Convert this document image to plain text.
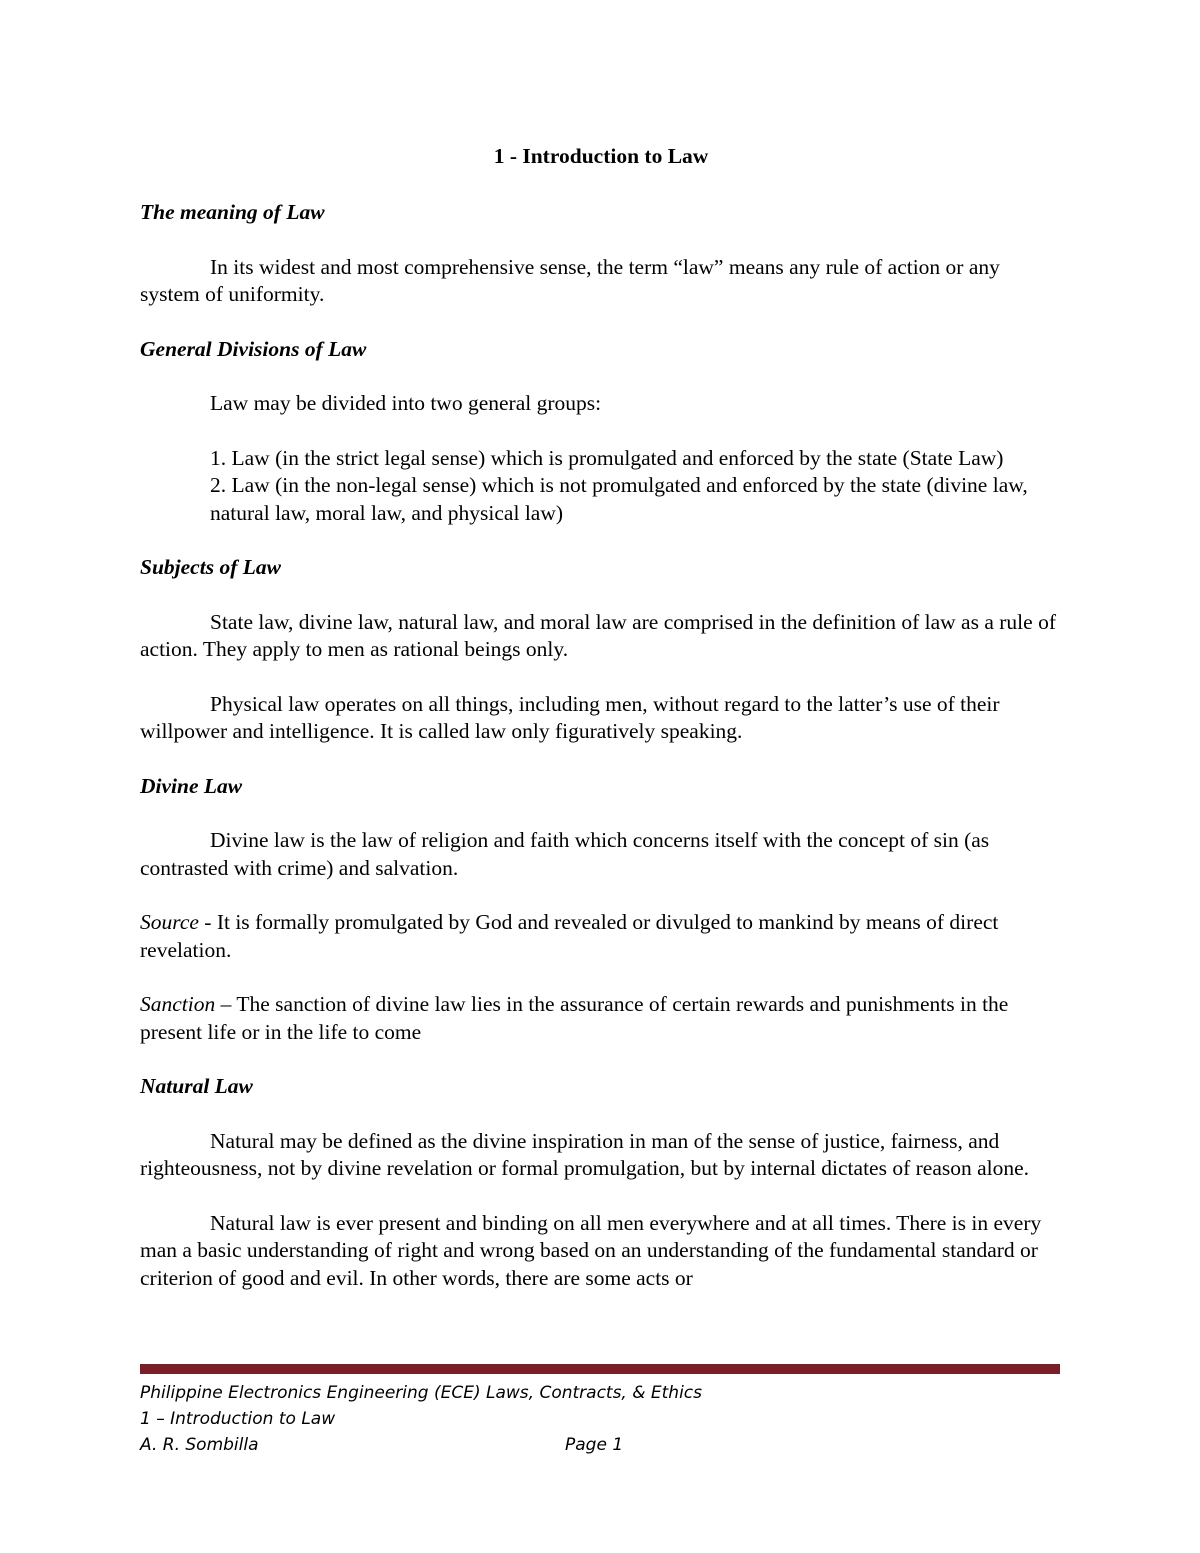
1 - Introduction to Law
The meaning of Law

In its widest and most comprehensive sense, the term “law” means any rule of action or any system of uniformity.

General Divisions of Law

Law may be divided into two general groups:

1. Law (in the strict legal sense) which is promulgated and enforced by the state (State Law)

2. Law (in the non-legal sense) which is not promulgated and enforced by the state (divine law, natural law, moral law, and physical law)

Subjects of Law

State law, divine law, natural law, and moral law are comprised in the definition of law as a rule of action. They apply to men as rational beings only.

Physical law operates on all things, including men, without regard to the latter’s use of their willpower and intelligence. It is called law only figuratively speaking.

Divine Law

Divine law is the law of religion and faith which concerns itself with the concept of sin (as contrasted with crime) and salvation.

Source - It is formally promulgated by God and revealed or divulged to mankind by means of direct revelation.

Sanction – The sanction of divine law lies in the assurance of certain rewards and punishments in the present life or in the life to come

Natural Law

Natural may be defined as the divine inspiration in man of the sense of justice, fairness, and righteousness, not by divine revelation or formal promulgation, but by internal dictates of reason alone.

Natural law is ever present and binding on all men everywhere and at all times. There is in every man a basic understanding of right and wrong based on an understanding of the fundamental standard or criterion of good and evil. In other words, there are some acts or

Philippine Electronics Engineering (ECE) Laws, Contracts, & Ethics
1 – Introduction to Law
A. R. Sombilla	Page 1
